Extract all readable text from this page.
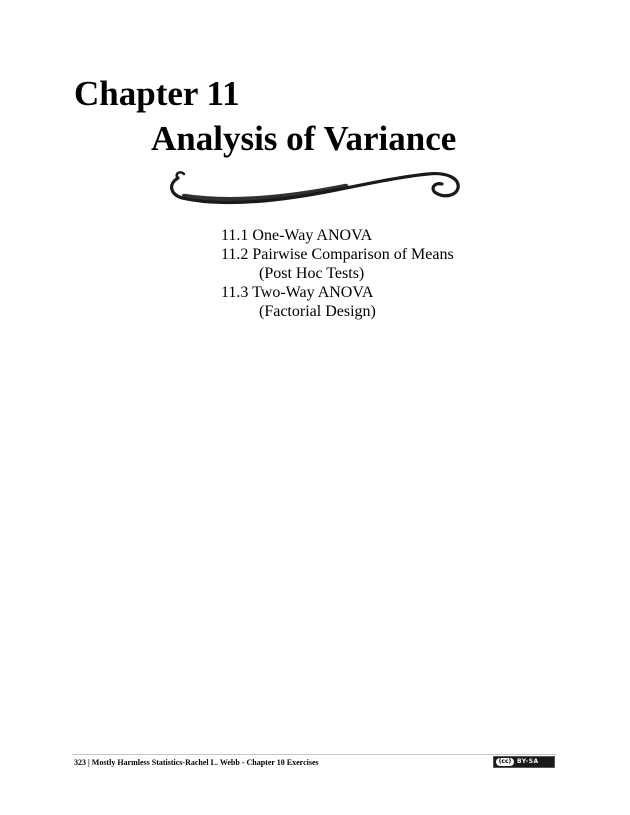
Chapter 11
Analysis of Variance
11.1 One-Way ANOVA
11.2 Pairwise Comparison of Means
(Post Hoc Tests)
11.3 Two-Way ANOVA
(Factorial Design)
323 | Mostly Harmless Statistics-Rachel L. Webb - Chapter 10 Exercises	(cc) BY-SA
